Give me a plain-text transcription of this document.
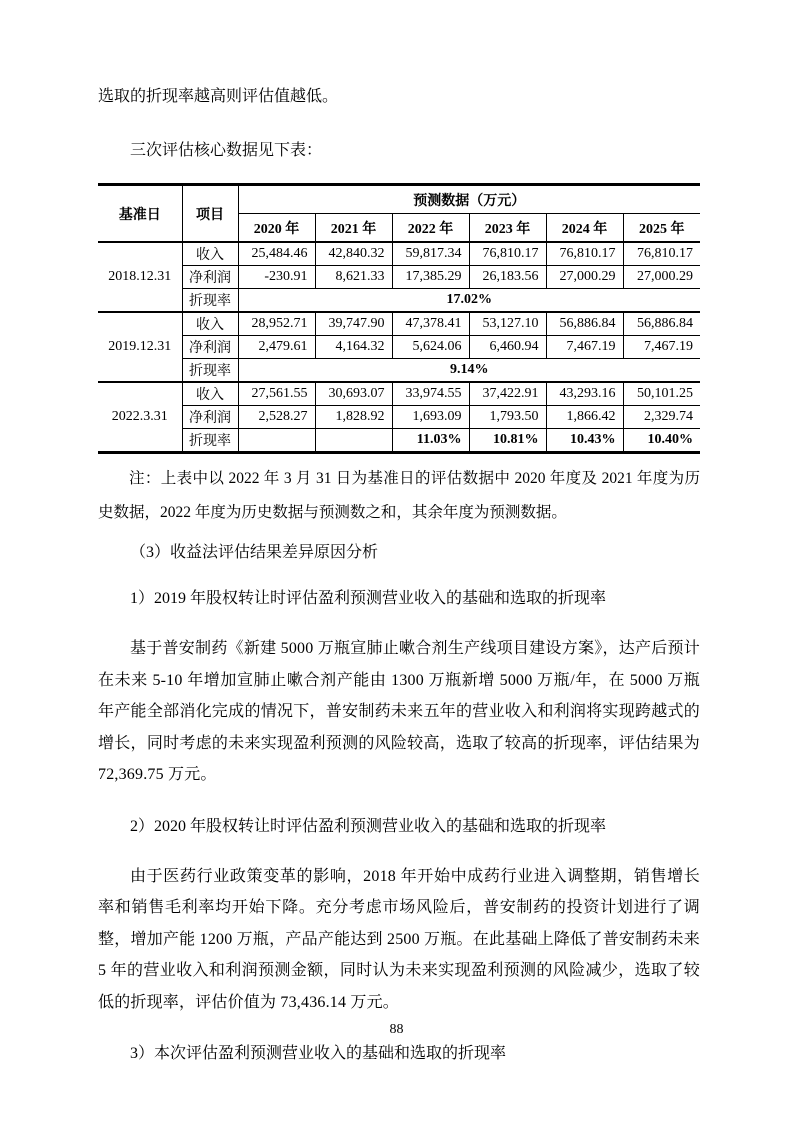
选取的折现率越高则评估值越低。

三次评估核心数据见下表：

基准日	项目	预测数据（万元）					
		2020 年	2021 年	2022 年	2023 年	2024 年	2025 年
2018.12.31	收入	25,484.46	42,840.32	59,817.34	76,810.17	76,810.17	76,810.17
	净利润	-230.91	8,621.33	17,385.29	26,183.56	27,000.29	27,000.29
	折现率	17.02%					
2019.12.31	收入	28,952.71	39,747.90	47,378.41	53,127.10	56,886.84	56,886.84
	净利润	2,479.61	4,164.32	5,624.06	6,460.94	7,467.19	7,467.19
	折现率	9.14%					
2022.3.31	收入	27,561.55	30,693.07	33,974.55	37,422.91	43,293.16	50,101.25
	净利润	2,528.27	1,828.92	1,693.09	1,793.50	1,866.42	2,329.74
	折现率			11.03%	10.81%	10.43%	10.40%

注：上表中以 2022 年 3 月 31 日为基准日的评估数据中 2020 年度及 2021 年度为历史数据，2022 年度为历史数据与预测数之和，其余年度为预测数据。

（3）收益法评估结果差异原因分析

1）2019 年股权转让时评估盈利预测营业收入的基础和选取的折现率

基于普安制药《新建 5000 万瓶宣肺止嗽合剂生产线项目建设方案》，达产后预计在未来 5-10 年增加宣肺止嗽合剂产能由 1300 万瓶新增 5000 万瓶/年，在 5000 万瓶年产能全部消化完成的情况下，普安制药未来五年的营业收入和利润将实现跨越式的增长，同时考虑的未来实现盈利预测的风险较高，选取了较高的折现率，评估结果为 72,369.75 万元。

2）2020 年股权转让时评估盈利预测营业收入的基础和选取的折现率

由于医药行业政策变革的影响，2018 年开始中成药行业进入调整期，销售增长率和销售毛利率均开始下降。充分考虑市场风险后，普安制药的投资计划进行了调整，增加产能 1200 万瓶，产品产能达到 2500 万瓶。在此基础上降低了普安制药未来 5 年的营业收入和利润预测金额，同时认为未来实现盈利预测的风险减少，选取了较低的折现率，评估价值为 73,436.14 万元。

3）本次评估盈利预测营业收入的基础和选取的折现率

88
